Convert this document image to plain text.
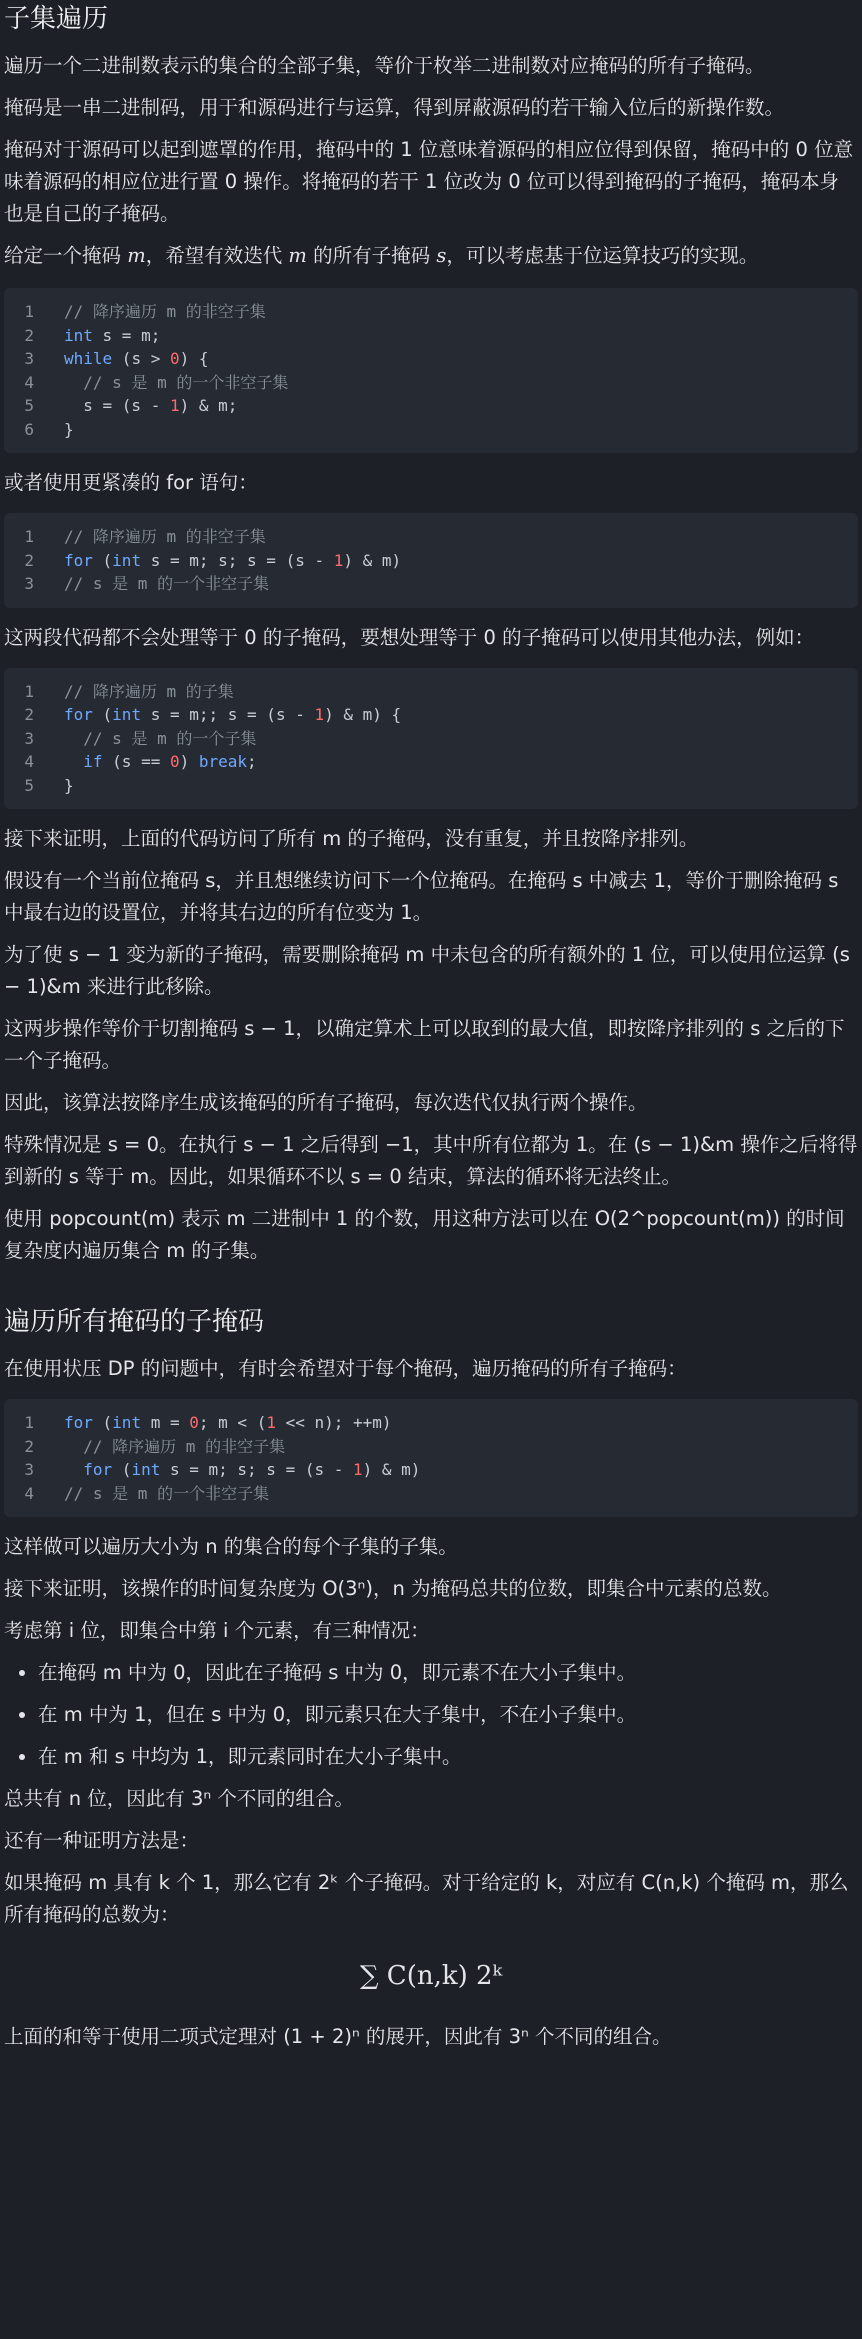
子集遍历

遍历一个二进制数表示的集合的全部子集，等价于枚举二进制数对应掩码的所有子掩码。

掩码是一串二进制码，用于和源码进行与运算，得到屏蔽源码的若干输入位后的新操作数。

掩码对于源码可以起到遮罩的作用，掩码中的 1 位意味着源码的相应位得到保留，掩码中的 0 位意味着源码的相应位进行置 0 操作。将掩码的若干 1 位改为 0 位可以得到掩码的子掩码，掩码本身也是自己的子掩码。

给定一个掩码 m，希望有效迭代 m 的所有子掩码 s，可以考虑基于位运算技巧的实现。

1 // 降序遍历 m 的非空子集
2 int s = m;
3 while (s > 0) {
4  // s 是 m 的一个非空子集
5  s = (s - 1) & m;
6 }

或者使用更紧凑的 for 语句：

1 // 降序遍历 m 的非空子集
2 for (int s = m; s; s = (s - 1) & m)
3 // s 是 m 的一个非空子集

这两段代码都不会处理等于 0 的子掩码，要想处理等于 0 的子掩码可以使用其他办法，例如：

1 // 降序遍历 m 的子集
2 for (int s = m;; s = (s - 1) & m) {
3  // s 是 m 的一个子集
4	if (s == 0) break;
5 }

接下来证明，上面的代码访问了所有 m 的子掩码，没有重复，并且按降序排列。

假设有一个当前位掩码 s，并且想继续访问下一个位掩码。在掩码 s 中减去 1，等价于删除掩码 s 中最右边的设置位，并将其右边的所有位变为 1。

为了使 s − 1 变为新的子掩码，需要删除掩码 m 中未包含的所有额外的 1 位，可以使用位运算 (s − 1)&m 来进行此移除。

这两步操作等价于切割掩码 s − 1，以确定算术上可以取到的最大值，即按降序排列的 s 之后的下一个子掩码。

因此，该算法按降序生成该掩码的所有子掩码，每次迭代仅执行两个操作。

特殊情况是 s = 0。在执行 s − 1 之后得到 −1，其中所有位都为 1。在 (s − 1)&m 操作之后将得到新的 s 等于 m。因此，如果循环不以 s = 0 结束，算法的循环将无法终止。

使用 popcount(m) 表示 m 二进制中 1 的个数，用这种方法可以在 O(2^popcount(m)) 的时间复杂度内遍历集合 m 的子集。

遍历所有掩码的子掩码

在使用状压 DP 的问题中，有时会希望对于每个掩码，遍历掩码的所有子掩码：

1 for (int m = 0; m < (1 << n); ++m)
2  // 降序遍历 m 的非空子集
3	for (int s = m; s; s = (s - 1) & m)
4 // s 是 m 的一个非空子集

这样做可以遍历大小为 n 的集合的每个子集的子集。

接下来证明，该操作的时间复杂度为 O(3ⁿ)，n 为掩码总共的位数，即集合中元素的总数。

考虑第 i 位，即集合中第 i 个元素，有三种情况：

• 在掩码 m 中为 0，因此在子掩码 s 中为 0，即元素不在大小子集中。
• 在 m 中为 1，但在 s 中为 0，即元素只在大子集中，不在小子集中。
• 在 m 和 s 中均为 1，即元素同时在大小子集中。

总共有 n 位，因此有 3ⁿ 个不同的组合。

还有一种证明方法是：

如果掩码 m 具有 k 个 1，那么它有 2ᵏ 个子掩码。对于给定的 k，对应有 C(n,k) 个掩码 m，那么所有掩码的总数为：

∑ C(n,k) 2ᵏ

上面的和等于使用二项式定理对 (1 + 2)ⁿ 的展开，因此有 3ⁿ 个不同的组合。
